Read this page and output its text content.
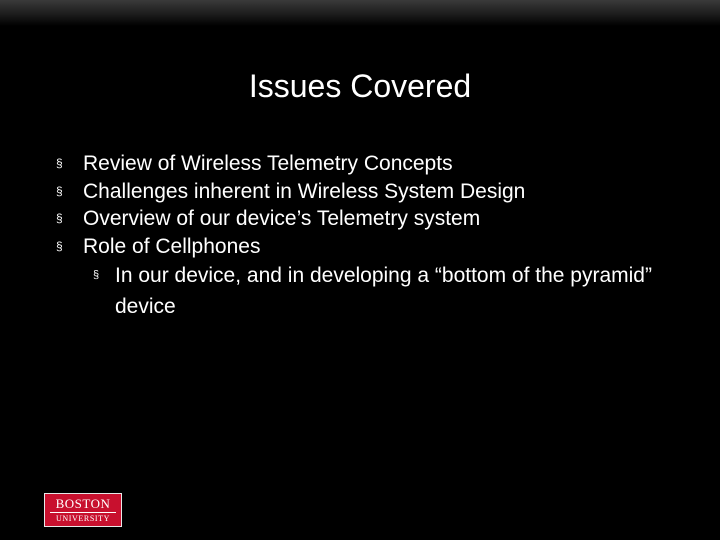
Issues Covered
§ Review of Wireless Telemetry Concepts
§ Challenges inherent in Wireless System Design
§ Overview of our device’s Telemetry system
§ Role of Cellphones
§ In our device, and in developing a “bottom of the pyramid” device
BOSTON
UNIVERSITY
